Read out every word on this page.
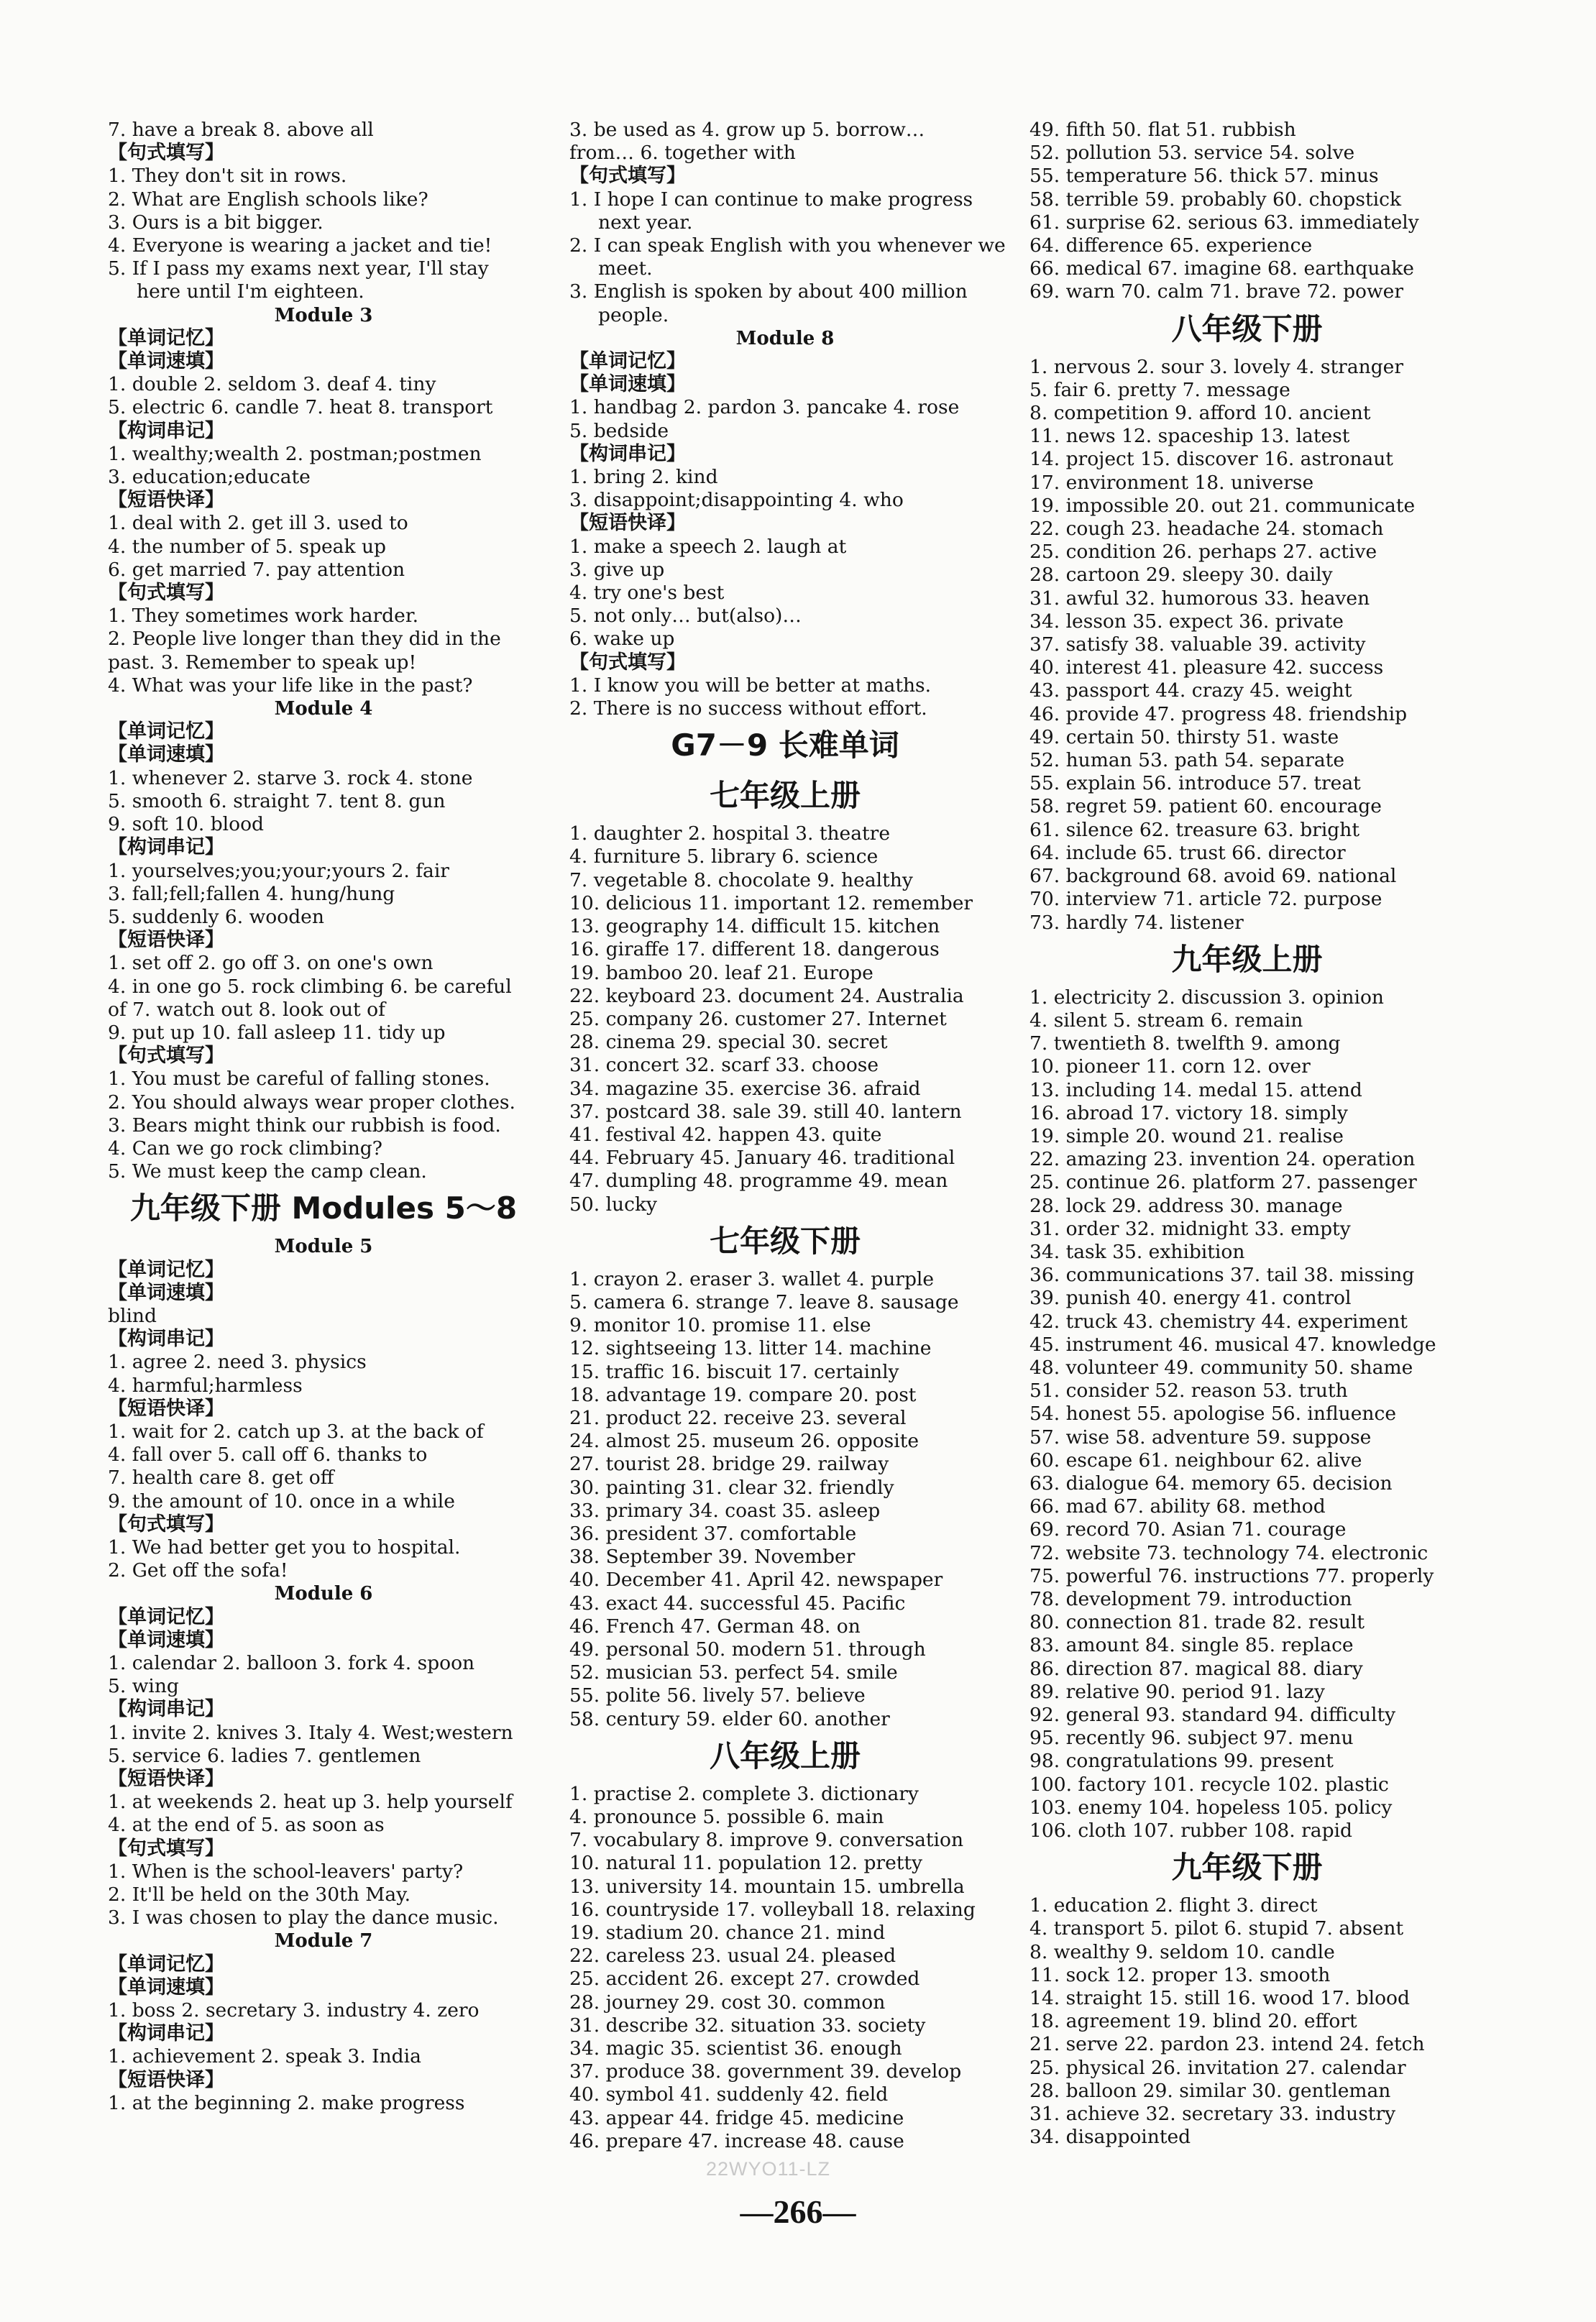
7. have a break 8. above all

【句式填写】

1. They don't sit in rows.

2. What are English schools like?

3. Ours is a bit bigger.

4. Everyone is wearing a jacket and tie!

5. If I pass my exams next year, I'll stay

here until I'm eighteen.

Module 3

【单词记忆】

【单词速填】

1. double 2. seldom 3. deaf 4. tiny

5. electric 6. candle 7. heat 8. transport

【构词串记】

1. wealthy;wealth 2. postman;postmen

3. education;educate

【短语快译】

1. deal with 2. get ill 3. used to

4. the number of 5. speak up

6. get married 7. pay attention

【句式填写】

1. They sometimes work harder.

2. People live longer than they did in the

past. 3. Remember to speak up!

4. What was your life like in the past?

Module 4

【单词记忆】

【单词速填】

1. whenever 2. starve 3. rock 4. stone

5. smooth 6. straight 7. tent 8. gun

9. soft 10. blood

【构词串记】

1. yourselves;you;your;yours 2. fair

3. fall;fell;fallen 4. hung/hung

5. suddenly 6. wooden

【短语快译】

1. set off 2. go off 3. on one's own

4. in one go 5. rock climbing 6. be careful

of 7. watch out 8. look out of

9. put up 10. fall asleep 11. tidy up

【句式填写】

1. You must be careful of falling stones.

2. You should always wear proper clothes.

3. Bears might think our rubbish is food.

4. Can we go rock climbing?

5. We must keep the camp clean.

九年级下册 Modules 5～8

Module 5

【单词记忆】

【单词速填】

blind

【构词串记】

1. agree 2. need 3. physics

4. harmful;harmless

【短语快译】

1. wait for 2. catch up 3. at the back of

4. fall over 5. call off 6. thanks to

7. health care 8. get off

9. the amount of 10. once in a while

【句式填写】

1. We had better get you to hospital.

2. Get off the sofa!

Module 6

【单词记忆】

【单词速填】

1. calendar 2. balloon 3. fork 4. spoon

5. wing

【构词串记】

1. invite 2. knives 3. Italy 4. West;western

5. service 6. ladies 7. gentlemen

【短语快译】

1. at weekends 2. heat up 3. help yourself

4. at the end of 5. as soon as

【句式填写】

1. When is the school-leavers' party?

2. It'll be held on the 30th May.

3. I was chosen to play the dance music.

Module 7

【单词记忆】

【单词速填】

1. boss 2. secretary 3. industry 4. zero

【构词串记】

1. achievement 2. speak 3. India

【短语快译】

1. at the beginning 2. make progress

3. be used as 4. grow up 5. borrow…

from… 6. together with

【句式填写】

1. I hope I can continue to make progress

next year.

2. I can speak English with you whenever we

meet.

3. English is spoken by about 400 million

people.

Module 8

【单词记忆】

【单词速填】

1. handbag 2. pardon 3. pancake 4. rose

5. bedside

【构词串记】

1. bring 2. kind

3. disappoint;disappointing 4. who

【短语快译】

1. make a speech 2. laugh at

3. give up

4. try one's best

5. not only… but(also)…

6. wake up

【句式填写】

1. I know you will be better at maths.

2. There is no success without effort.

G7－9 长难单词

七年级上册

1. daughter 2. hospital 3. theatre

4. furniture 5. library 6. science

7. vegetable 8. chocolate 9. healthy

10. delicious 11. important 12. remember

13. geography 14. difficult 15. kitchen

16. giraffe 17. different 18. dangerous

19. bamboo 20. leaf 21. Europe

22. keyboard 23. document 24. Australia

25. company 26. customer 27. Internet

28. cinema 29. special 30. secret

31. concert 32. scarf 33. choose

34. magazine 35. exercise 36. afraid

37. postcard 38. sale 39. still 40. lantern

41. festival 42. happen 43. quite

44. February 45. January 46. traditional

47. dumpling 48. programme 49. mean

50. lucky

七年级下册

1. crayon 2. eraser 3. wallet 4. purple

5. camera 6. strange 7. leave 8. sausage

9. monitor 10. promise 11. else

12. sightseeing 13. litter 14. machine

15. traffic 16. biscuit 17. certainly

18. advantage 19. compare 20. post

21. product 22. receive 23. several

24. almost 25. museum 26. opposite

27. tourist 28. bridge 29. railway

30. painting 31. clear 32. friendly

33. primary 34. coast 35. asleep

36. president 37. comfortable

38. September 39. November

40. December 41. April 42. newspaper

43. exact 44. successful 45. Pacific

46. French 47. German 48. on

49. personal 50. modern 51. through

52. musician 53. perfect 54. smile

55. polite 56. lively 57. believe

58. century 59. elder 60. another

八年级上册

1. practise 2. complete 3. dictionary

4. pronounce 5. possible 6. main

7. vocabulary 8. improve 9. conversation

10. natural 11. population 12. pretty

13. university 14. mountain 15. umbrella

16. countryside 17. volleyball 18. relaxing

19. stadium 20. chance 21. mind

22. careless 23. usual 24. pleased

25. accident 26. except 27. crowded

28. journey 29. cost 30. common

31. describe 32. situation 33. society

34. magic 35. scientist 36. enough

37. produce 38. government 39. develop

40. symbol 41. suddenly 42. field

43. appear 44. fridge 45. medicine

46. prepare 47. increase 48. cause

49. fifth 50. flat 51. rubbish

52. pollution 53. service 54. solve

55. temperature 56. thick 57. minus

58. terrible 59. probably 60. chopstick

61. surprise 62. serious 63. immediately

64. difference 65. experience

66. medical 67. imagine 68. earthquake

69. warn 70. calm 71. brave 72. power

八年级下册

1. nervous 2. sour 3. lovely 4. stranger

5. fair 6. pretty 7. message

8. competition 9. afford 10. ancient

11. news 12. spaceship 13. latest

14. project 15. discover 16. astronaut

17. environment 18. universe

19. impossible 20. out 21. communicate

22. cough 23. headache 24. stomach

25. condition 26. perhaps 27. active

28. cartoon 29. sleepy 30. daily

31. awful 32. humorous 33. heaven

34. lesson 35. expect 36. private

37. satisfy 38. valuable 39. activity

40. interest 41. pleasure 42. success

43. passport 44. crazy 45. weight

46. provide 47. progress 48. friendship

49. certain 50. thirsty 51. waste

52. human 53. path 54. separate

55. explain 56. introduce 57. treat

58. regret 59. patient 60. encourage

61. silence 62. treasure 63. bright

64. include 65. trust 66. director

67. background 68. avoid 69. national

70. interview 71. article 72. purpose

73. hardly 74. listener

九年级上册

1. electricity 2. discussion 3. opinion

4. silent 5. stream 6. remain

7. twentieth 8. twelfth 9. among

10. pioneer 11. corn 12. over

13. including 14. medal 15. attend

16. abroad 17. victory 18. simply

19. simple 20. wound 21. realise

22. amazing 23. invention 24. operation

25. continue 26. platform 27. passenger

28. lock 29. address 30. manage

31. order 32. midnight 33. empty

34. task 35. exhibition

36. communications 37. tail 38. missing

39. punish 40. energy 41. control

42. truck 43. chemistry 44. experiment

45. instrument 46. musical 47. knowledge

48. volunteer 49. community 50. shame

51. consider 52. reason 53. truth

54. honest 55. apologise 56. influence

57. wise 58. adventure 59. suppose

60. escape 61. neighbour 62. alive

63. dialogue 64. memory 65. decision

66. mad 67. ability 68. method

69. record 70. Asian 71. courage

72. website 73. technology 74. electronic

75. powerful 76. instructions 77. properly

78. development 79. introduction

80. connection 81. trade 82. result

83. amount 84. single 85. replace

86. direction 87. magical 88. diary

89. relative 90. period 91. lazy

92. general 93. standard 94. difficulty

95. recently 96. subject 97. menu

98. congratulations 99. present

100. factory 101. recycle 102. plastic

103. enemy 104. hopeless 105. policy

106. cloth 107. rubber 108. rapid

九年级下册

1. education 2. flight 3. direct

4. transport 5. pilot 6. stupid 7. absent

8. wealthy 9. seldom 10. candle

11. sock 12. proper 13. smooth

14. straight 15. still 16. wood 17. blood

18. agreement 19. blind 20. effort

21. serve 22. pardon 23. intend 24. fetch

25. physical 26. invitation 27. calendar

28. balloon 29. similar 30. gentleman

31. achieve 32. secretary 33. industry

34. disappointed

22WYO11-LZ
—266—
